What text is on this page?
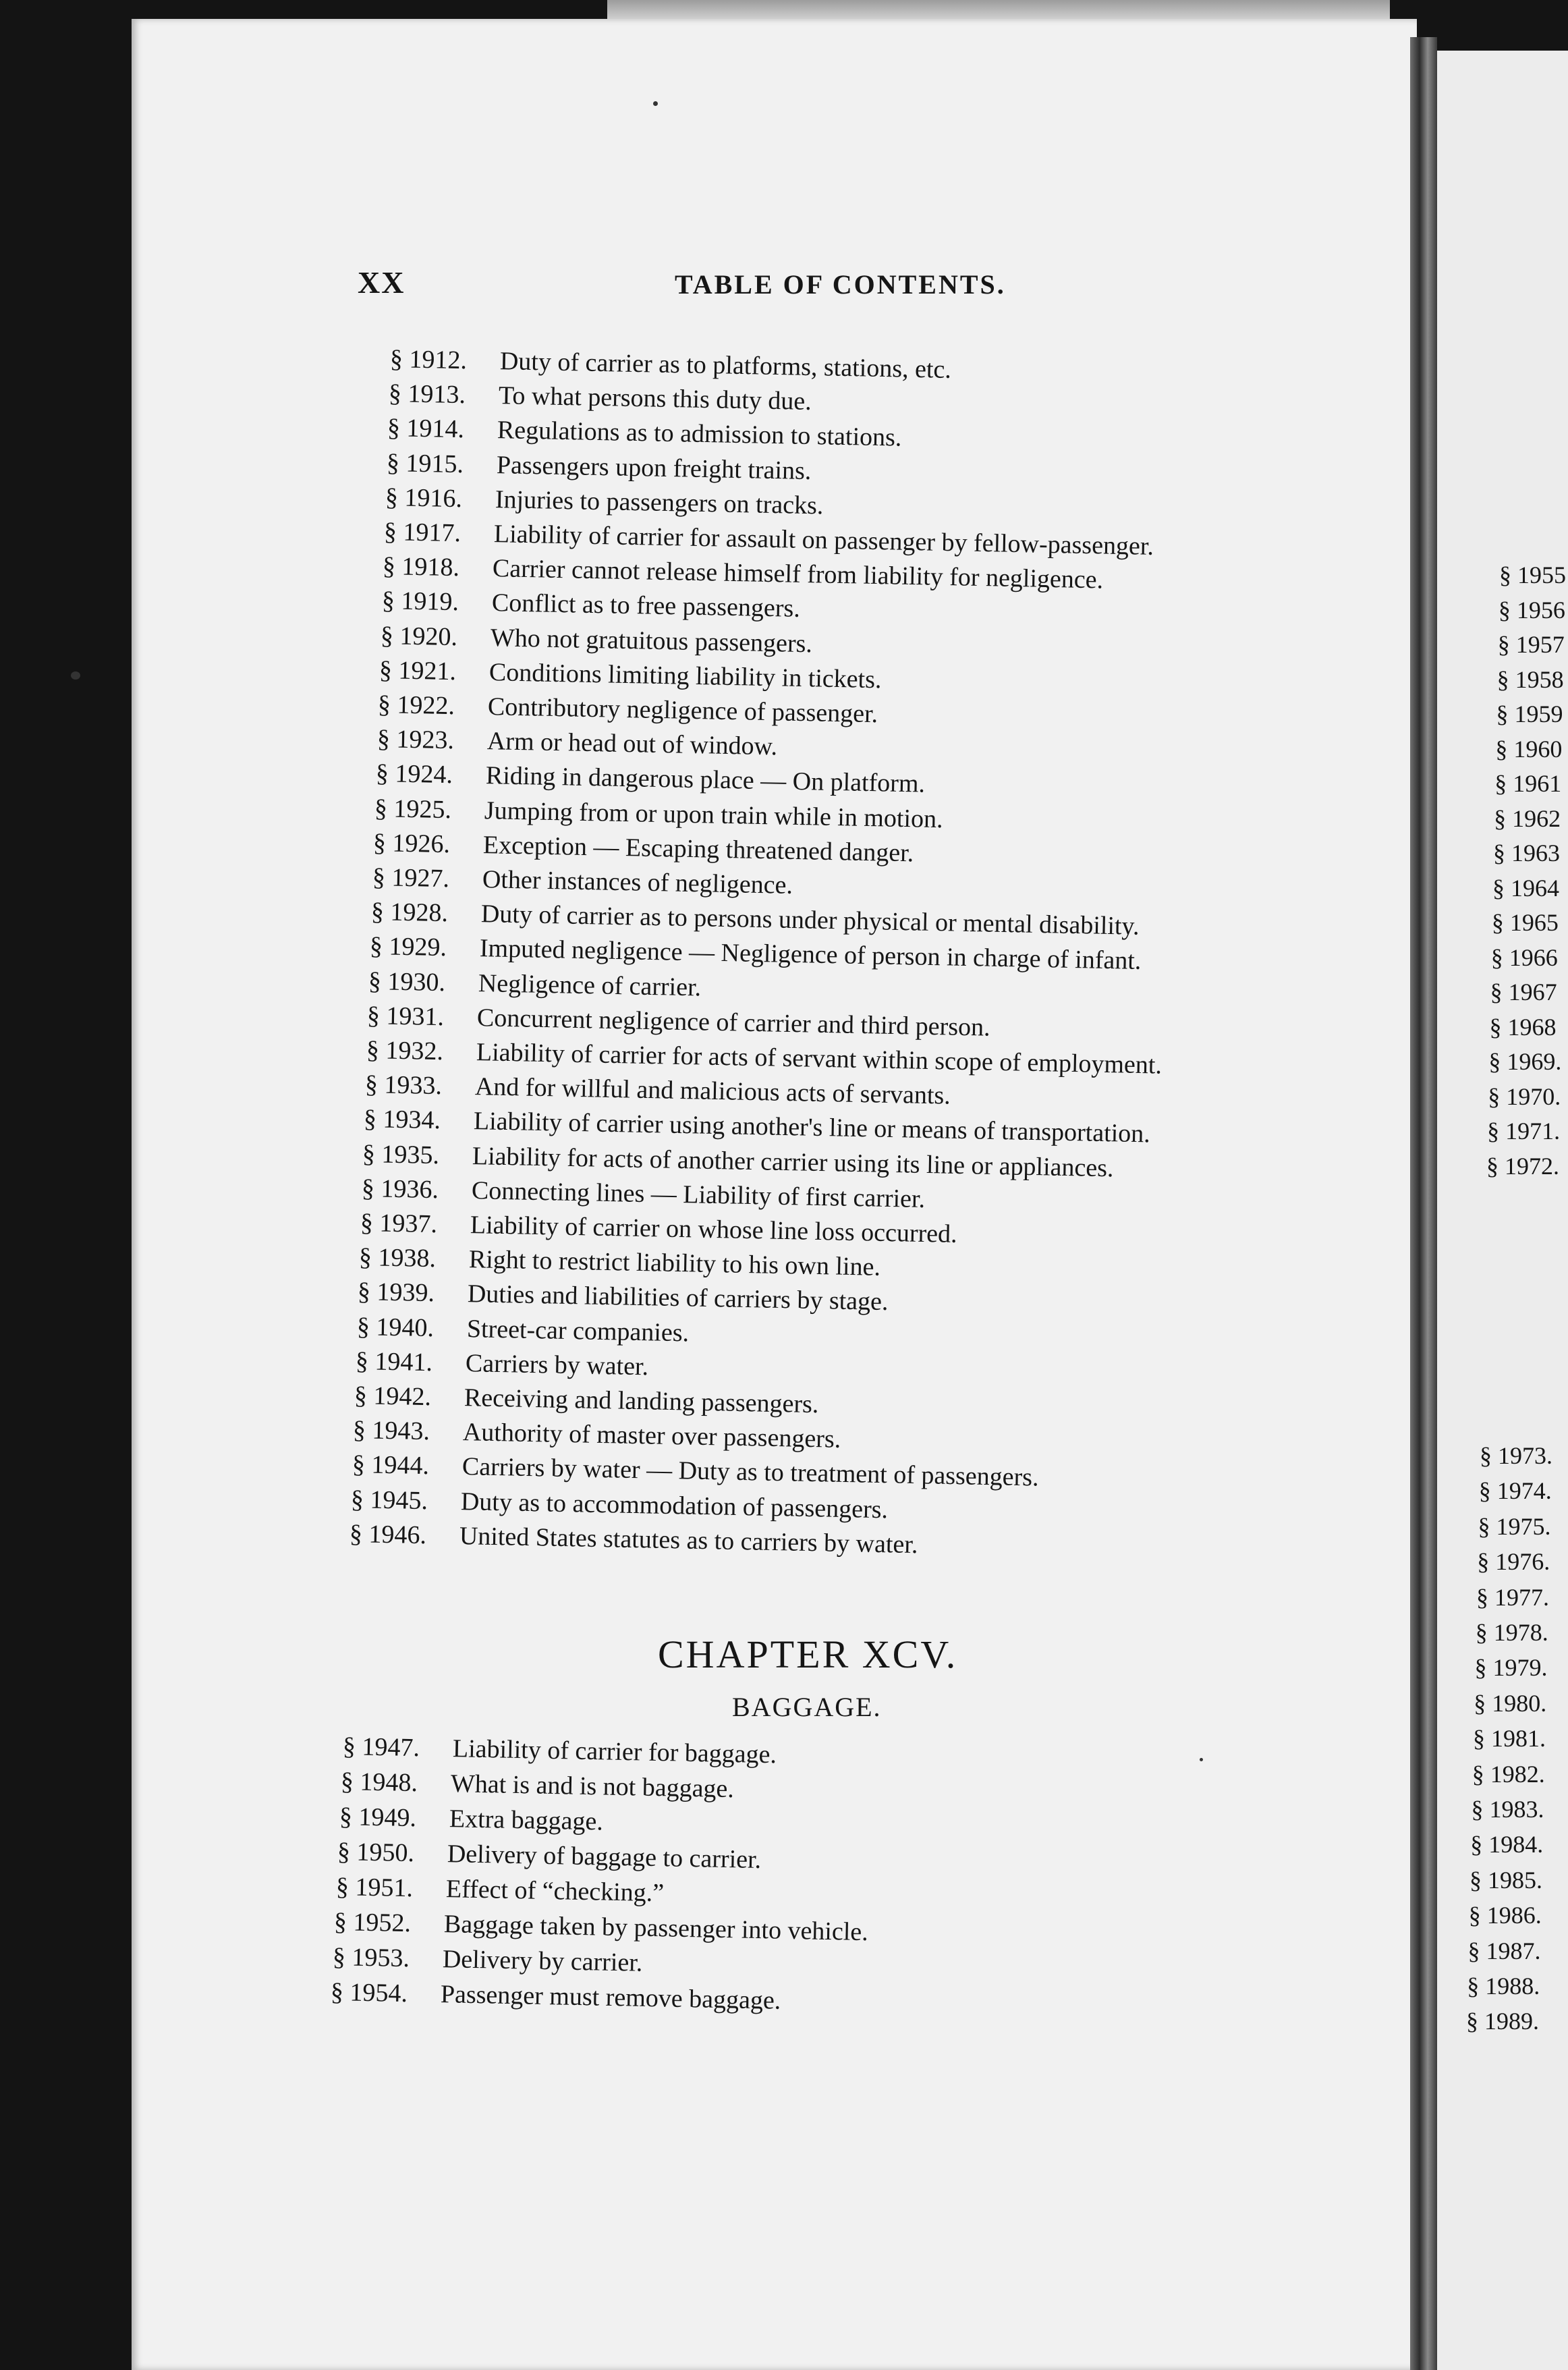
XX	TABLE OF CONTENTS.
§ 1912.	Duty of carrier as to platforms, stations, etc.
§ 1913.	To what persons this duty due.
§ 1914.	Regulations as to admission to stations.
§ 1915.	Passengers upon freight trains.
§ 1916.	Injuries to passengers on tracks.
§ 1917.	Liability of carrier for assault on passenger by fellow-passenger.
§ 1918.	Carrier cannot release himself from liability for negligence.
§ 1919.	Conflict as to free passengers.
§ 1920.	Who not gratuitous passengers.
§ 1921.	Conditions limiting liability in tickets.
§ 1922.	Contributory negligence of passenger.
§ 1923.	Arm or head out of window.
§ 1924.	Riding in dangerous place — On platform.
§ 1925.	Jumping from or upon train while in motion.
§ 1926.	Exception — Escaping threatened danger.
§ 1927.	Other instances of negligence.
§ 1928.	Duty of carrier as to persons under physical or mental disability.
§ 1929.	Imputed negligence — Negligence of person in charge of infant.
§ 1930.	Negligence of carrier.
§ 1931.	Concurrent negligence of carrier and third person.
§ 1932.	Liability of carrier for acts of servant within scope of employment.
§ 1933.	And for willful and malicious acts of servants.
§ 1934.	Liability of carrier using another's line or means of transportation.
§ 1935.	Liability for acts of another carrier using its line or appliances.
§ 1936.	Connecting lines — Liability of first carrier.
§ 1937.	Liability of carrier on whose line loss occurred.
§ 1938.	Right to restrict liability to his own line.
§ 1939.	Duties and liabilities of carriers by stage.
§ 1940.	Street-car companies.
§ 1941.	Carriers by water.
§ 1942.	Receiving and landing passengers.
§ 1943.	Authority of master over passengers.
§ 1944.	Carriers by water — Duty as to treatment of passengers.
§ 1945.	Duty as to accommodation of passengers.
§ 1946.	United States statutes as to carriers by water.
CHAPTER XCV.
BAGGAGE.
§ 1947.	Liability of carrier for baggage.
§ 1948.	What is and is not baggage.
§ 1949.	Extra baggage.
§ 1950.	Delivery of baggage to carrier.
§ 1951.	Effect of “checking.”
§ 1952.	Baggage taken by passenger into vehicle.
§ 1953.	Delivery by carrier.
§ 1954.	Passenger must remove baggage.
§ 1955
§ 1956
§ 1957
§ 1958
§ 1959
§ 1960
§ 1961
§ 1962
§ 1963
§ 1964
§ 1965
§ 1966
§ 1967
§ 1968
§ 1969.
§ 1970.
§ 1971.
§ 1972.
§ 1973.
§ 1974.
§ 1975.
§ 1976.
§ 1977.
§ 1978.
§ 1979.
§ 1980.
§ 1981.
§ 1982.
§ 1983.
§ 1984.
§ 1985.
§ 1986.
§ 1987.
§ 1988.
§ 1989.
